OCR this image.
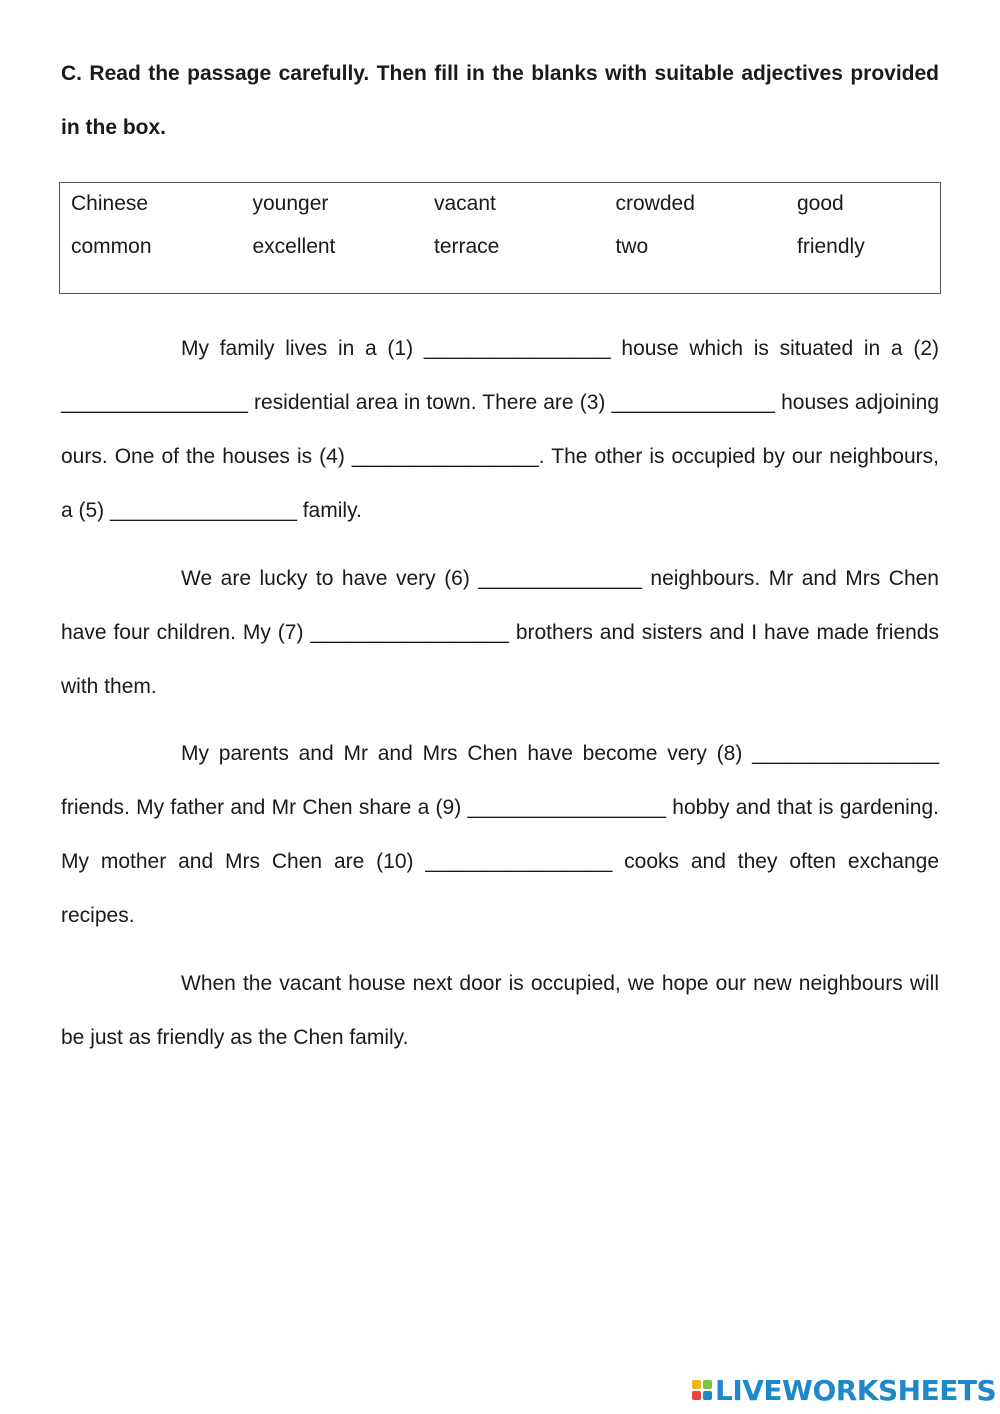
C. Read the passage carefully. Then fill in the blanks with suitable adjectives provided in the box.

Chinese	younger	vacant	crowded	good
common	excellent	terrace	two	friendly

My family lives in a (1) ________________ house which is situated in a (2) ________________ residential area in town. There are (3) ______________ houses adjoining ours. One of the houses is (4) ________________. The other is occupied by our neighbours, a (5) ________________ family.

We are lucky to have very (6) ______________ neighbours. Mr and Mrs Chen have four children. My (7) _________________ brothers and sisters and I have made friends with them.

My parents and Mr and Mrs Chen have become very (8) ________________ friends. My father and Mr Chen share a (9) _________________ hobby and that is gardening. My mother and Mrs Chen are (10) ________________ cooks and they often exchange recipes.

When the vacant house next door is occupied, we hope our new neighbours will be just as friendly as the Chen family.

LIVEWORKSHEETS
